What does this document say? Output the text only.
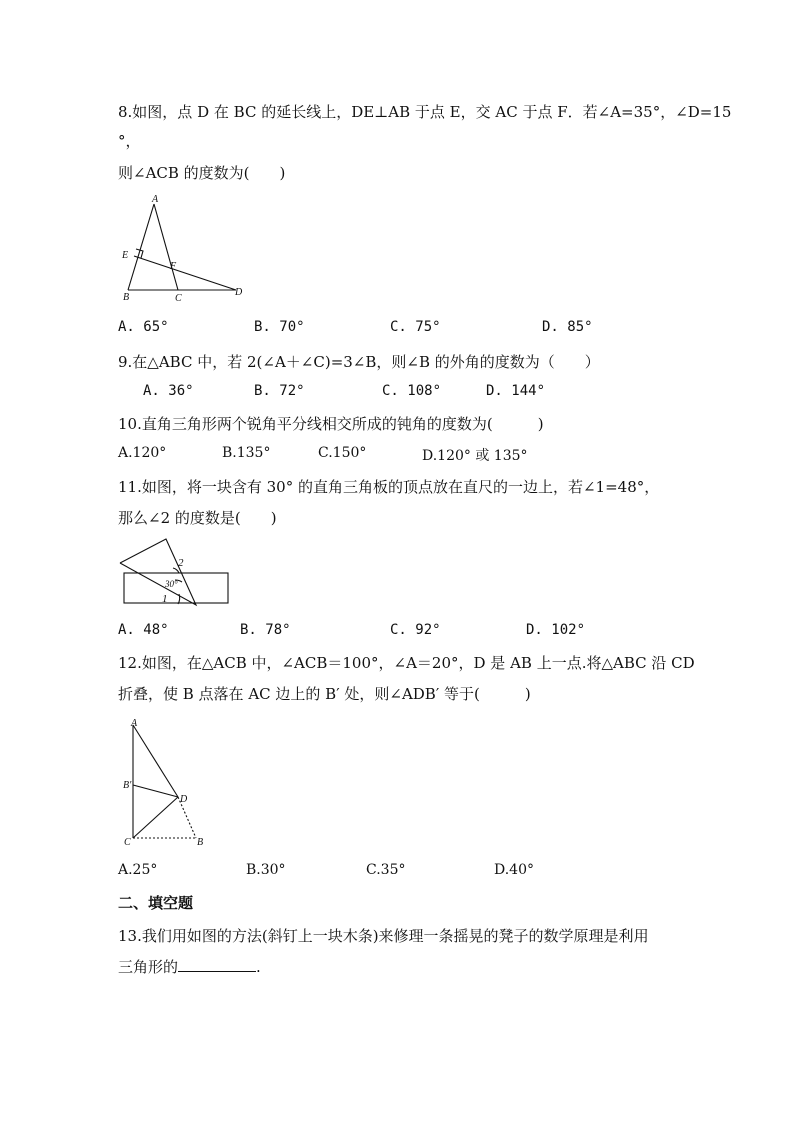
8.如图，点 D 在 BC 的延长线上，DE⊥AB 于点 E，交 AC 于点 F．若∠A=35°，∠D=15
°，
则∠ACB 的度数为(　　)
A
E
F
B	C
D
A. 65°	B. 70°	C. 75°	D. 85°
9.在△ABC 中，若 2(∠A＋∠C)=3∠B，则∠B 的外角的度数为（　　）
A. 36°	B. 72°	C. 108°	D. 144°
10.直角三角形两个锐角平分线相交所成的钝角的度数为(　　　)
A.120°	B.135°	C.150°	D.120° 或 135°
11.如图，将一块含有 30° 的直角三角板的顶点放在直尺的一边上，若∠1=48°，
那么∠2 的度数是(　　)
2
30°
1
A. 48°	B. 78°	C. 92°	D. 102°
12.如图，在△ACB 中，∠ACB＝100°，∠A＝20°，D 是 AB 上一点.将△ABC 沿 CD
折叠，使 B 点落在 AC 边上的 B′ 处，则∠ADB′ 等于(　　　)
A
B′
D
C	B
A.25°	B.30°	C.35°	D.40°
二、填空题
13.我们用如图的方法(斜钉上一块木条)来修理一条摇晃的凳子的数学原理是利用
三角形的	.
